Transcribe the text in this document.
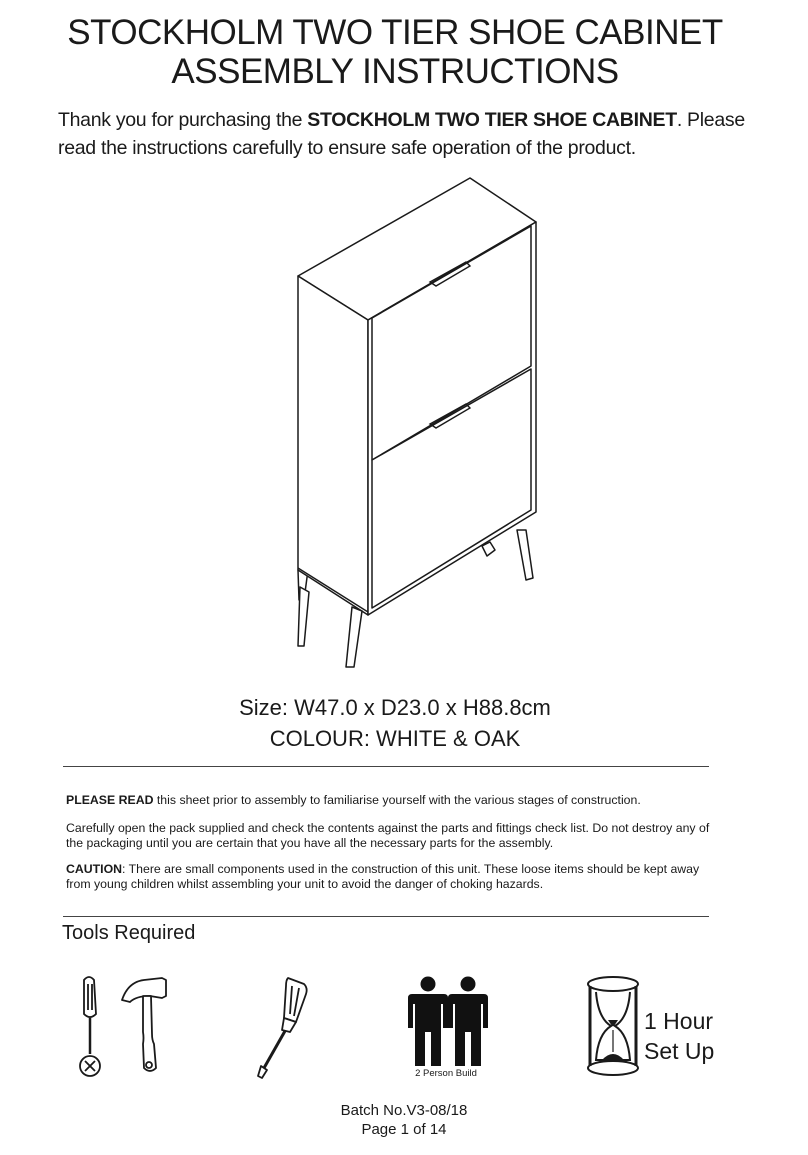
STOCKHOLM TWO TIER SHOE CABINET
ASSEMBLY INSTRUCTIONS
Thank you for purchasing the STOCKHOLM TWO TIER SHOE CABINET. Please read the instructions carefully to ensure safe operation of the product.
Size: W47.0 x D23.0 x H88.8cm
COLOUR: WHITE & OAK
PLEASE READ this sheet prior to assembly to familiarise yourself with the various stages of construction.
Carefully open the pack supplied and check the contents against the parts and fittings check list. Do not destroy any of the packaging until you are certain that you have all the necessary parts for the assembly.
CAUTION: There are small components used in the construction of this unit. These loose items should be kept away from young children whilst assembling your unit to avoid the danger of choking hazards.
Tools Required
2 Person Build
1 Hour
Set Up
Batch No.V3-08/18
Page 1 of 14
